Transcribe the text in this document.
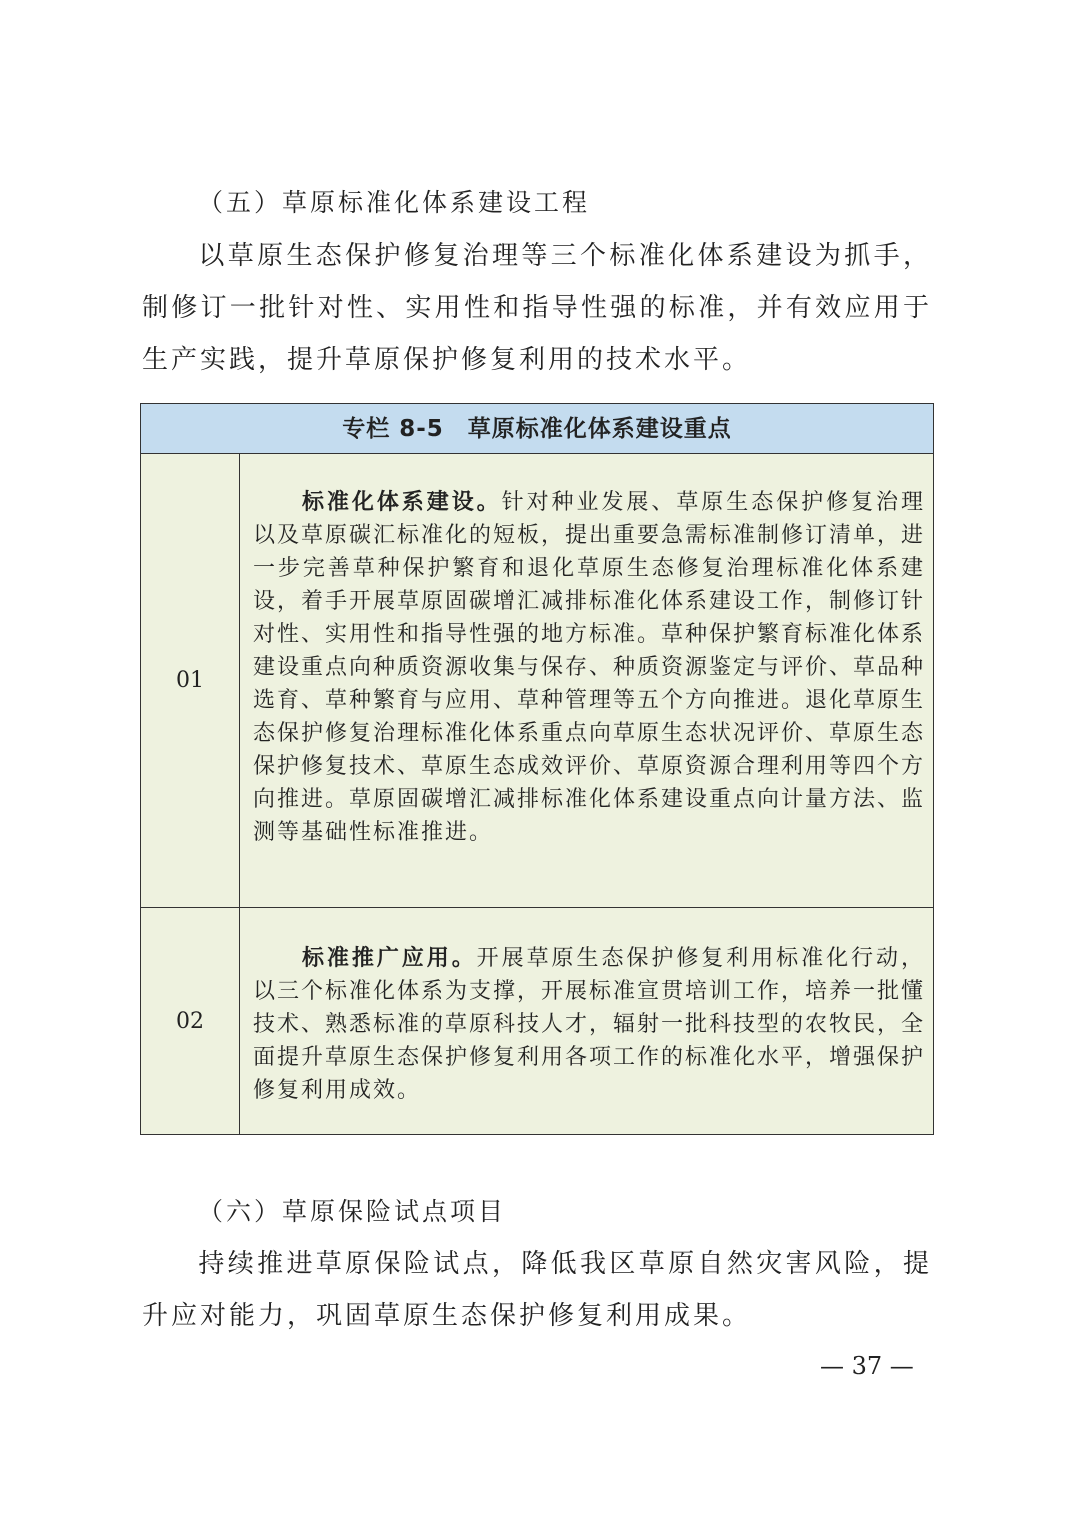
（五）草原标准化体系建设工程
以草原生态保护修复治理等三个标准化体系建设为抓手，制修订一批针对性、实用性和指导性强的标准，并有效应用于生产实践，提升草原保护修复利用的技术水平。
专栏 8-5　草原标准化体系建设重点
01
标准化体系建设。针对种业发展、草原生态保护修复治理以及草原碳汇标准化的短板，提出重要急需标准制修订清单，进一步完善草种保护繁育和退化草原生态修复治理标准化体系建设，着手开展草原固碳增汇减排标准化体系建设工作，制修订针对性、实用性和指导性强的地方标准。草种保护繁育标准化体系建设重点向种质资源收集与保存、种质资源鉴定与评价、草品种选育、草种繁育与应用、草种管理等五个方向推进。退化草原生态保护修复治理标准化体系重点向草原生态状况评价、草原生态保护修复技术、草原生态成效评价、草原资源合理利用等四个方向推进。草原固碳增汇减排标准化体系建设重点向计量方法、监测等基础性标准推进。
02
标准推广应用。开展草原生态保护修复利用标准化行动，以三个标准化体系为支撑，开展标准宣贯培训工作，培养一批懂技术、熟悉标准的草原科技人才，辐射一批科技型的农牧民，全面提升草原生态保护修复利用各项工作的标准化水平，增强保护修复利用成效。
（六）草原保险试点项目
持续推进草原保险试点，降低我区草原自然灾害风险，提升应对能力，巩固草原生态保护修复利用成果。
— 37 —
